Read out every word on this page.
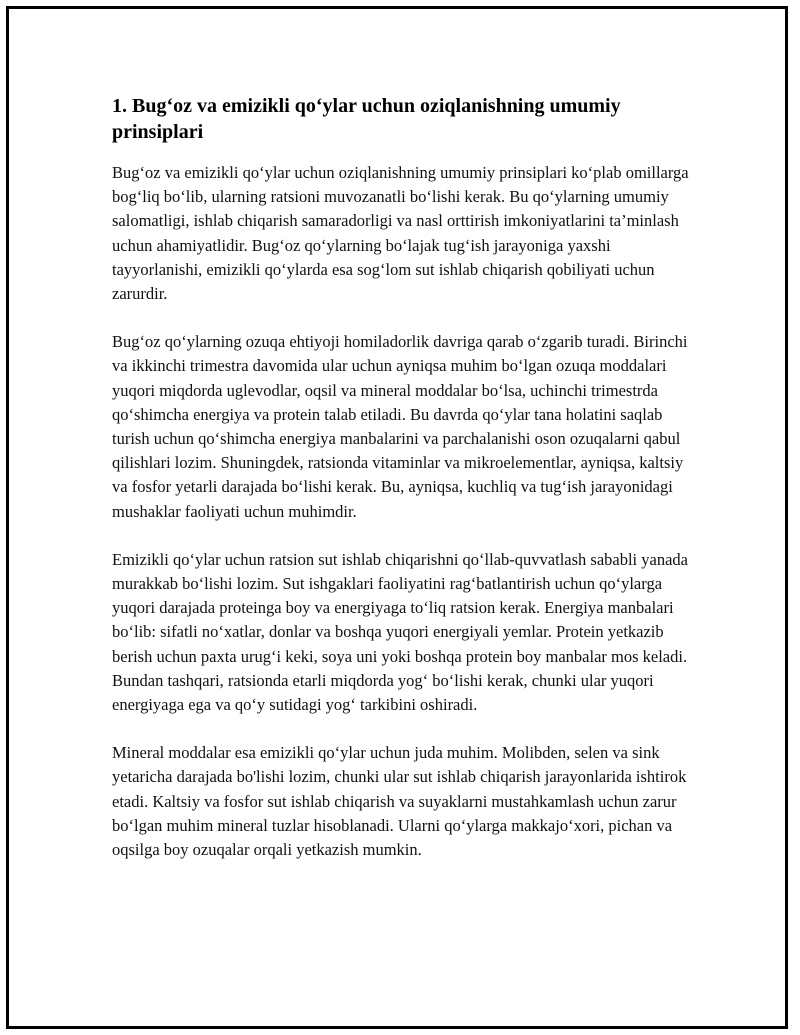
1. Bug‘oz va emizikli qo‘ylar uchun oziqlanishning umumiy prinsiplari

Bug‘oz va emizikli qo‘ylar uchun oziqlanishning umumiy prinsiplari ko‘plab omillarga bog‘liq bo‘lib, ularning ratsioni muvozanatli bo‘lishi kerak. Bu qo‘ylarning umumiy salomatligi, ishlab chiqarish samaradorligi va nasl orttirish imkoniyatlarini ta’minlash uchun ahamiyatlidir. Bug‘oz qo‘ylarning bo‘lajak tug‘ish jarayoniga yaxshi tayyorlanishi, emizikli qo‘ylarda esa sog‘lom sut ishlab chiqarish qobiliyati uchun zarurdir.

Bug‘oz qo‘ylarning ozuqa ehtiyoji homiladorlik davriga qarab o‘zgarib turadi. Birinchi va ikkinchi trimestra davomida ular uchun ayniqsa muhim bo‘lgan ozuqa moddalari yuqori miqdorda uglevodlar, oqsil va mineral moddalar bo‘lsa, uchinchi trimestrda qo‘shimcha energiya va protein talab etiladi. Bu davrda qo‘ylar tana holatini saqlab turish uchun qo‘shimcha energiya manbalarini va parchalanishi oson ozuqalarni qabul qilishlari lozim. Shuningdek, ratsionda vitaminlar va mikroelementlar, ayniqsa, kaltsiy va fosfor yetarli darajada bo‘lishi kerak. Bu, ayniqsa, kuchliq va tug‘ish jarayonidagi mushaklar faoliyati uchun muhimdir.

Emizikli qo‘ylar uchun ratsion sut ishlab chiqarishni qo‘llab-quvvatlash sababli yanada murakkab bo‘lishi lozim. Sut ishgaklari faoliyatini rag‘batlantirish uchun qo‘ylarga yuqori darajada proteinga boy va energiyaga to‘liq ratsion kerak. Energiya manbalari bo‘lib: sifatli no‘xatlar, donlar va boshqa yuqori energiyali yemlar. Protein yetkazib berish uchun paxta urug‘i keki, soya uni yoki boshqa protein boy manbalar mos keladi. Bundan tashqari, ratsionda etarli miqdorda yog‘ bo‘lishi kerak, chunki ular yuqori energiyaga ega va qo‘y sutidagi yog‘ tarkibini oshiradi.

Mineral moddalar esa emizikli qo‘ylar uchun juda muhim. Molibden, selen va sink yetaricha darajada bo'lishi lozim, chunki ular sut ishlab chiqarish jarayonlarida ishtirok etadi. Kaltsiy va fosfor sut ishlab chiqarish va suyaklarni mustahkamlash uchun zarur bo‘lgan muhim mineral tuzlar hisoblanadi. Ularni qo‘ylarga makkajo‘xori, pichan va oqsilga boy ozuqalar orqali yetkazish mumkin.
